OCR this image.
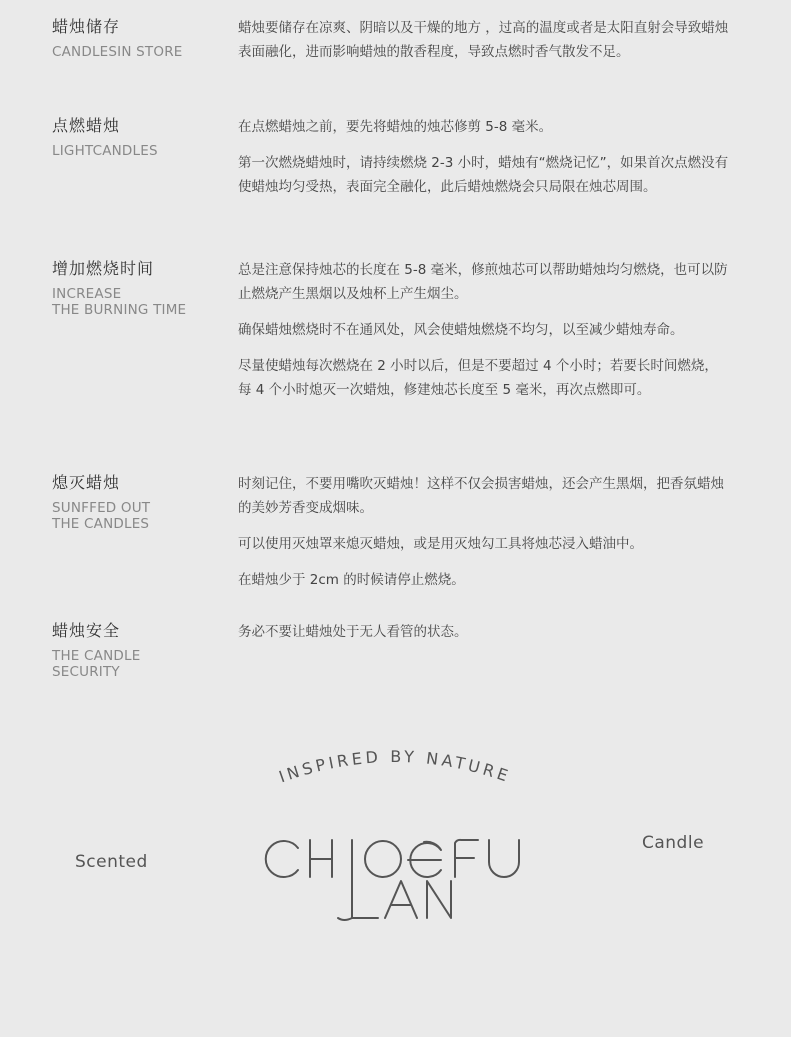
蜡烛储存
CANDLESIN STORE

蜡烛要储存在凉爽、阴暗以及干燥的地方 ，过高的温度或者是太阳直射会导致蜡烛表面融化，进而影响蜡烛的散香程度，导致点燃时香气散发不足。

点燃蜡烛
LIGHTCANDLES

在点燃蜡烛之前，要先将蜡烛的烛芯修剪 5-8 毫米。

第一次燃烧蜡烛时，请持续燃烧 2-3 小时，蜡烛有“燃烧记忆”，如果首次点燃没有使蜡烛均匀受热，表面完全融化，此后蜡烛燃烧会只局限在烛芯周围。

增加燃烧时间
INCREASE
THE BURNING TIME

总是注意保持烛芯的长度在 5-8 毫米，修煎烛芯可以帮助蜡烛均匀燃烧，也可以防止燃烧产生黑烟以及烛杯上产生烟尘。

确保蜡烛燃烧时不在通风处，风会使蜡烛燃烧不均匀，以至减少蜡烛寿命。

尽量使蜡烛每次燃烧在 2 小时以后，但是不要超过 4 个小时；若要长时间燃烧，每 4 个小时熄灭一次蜡烛，修建烛芯长度至 5 毫米，再次点燃即可。

熄灭蜡烛
SUNFFED OUT
THE CANDLES

时刻记住，不要用嘴吹灭蜡烛！这样不仅会损害蜡烛，还会产生黑烟，把香氛蜡烛的美妙芳香变成烟味。

可以使用灭烛罩来熄灭蜡烛，或是用灭烛勾工具将烛芯浸入蜡油中。

在蜡烛少于 2cm 的时候请停止燃烧。

蜡烛安全
THE CANDLE
SECURITY

务必不要让蜡烛处于无人看管的状态。

INSPIRED BY NATURE
Scented
Candle
